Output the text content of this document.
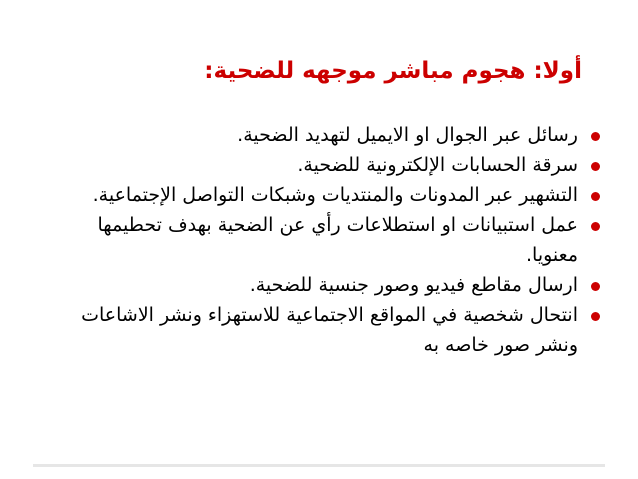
أولا: هجوم مباشر موجهه للضحية:
رسائل عبر الجوال او الايميل لتهديد الضحية.
سرقة الحسابات الإلكترونية للضحية.
التشهير عبر المدونات والمنتديات وشبكات التواصل الإجتماعية.
عمل استبيانات او استطلاعات رأي عن الضحية بهدف تحطيمها معنويا.
ارسال مقاطع فيديو وصور جنسية للضحية.
انتحال شخصية في المواقع الاجتماعية للاستهزاء ونشر الاشاعات ونشر صور خاصه به
